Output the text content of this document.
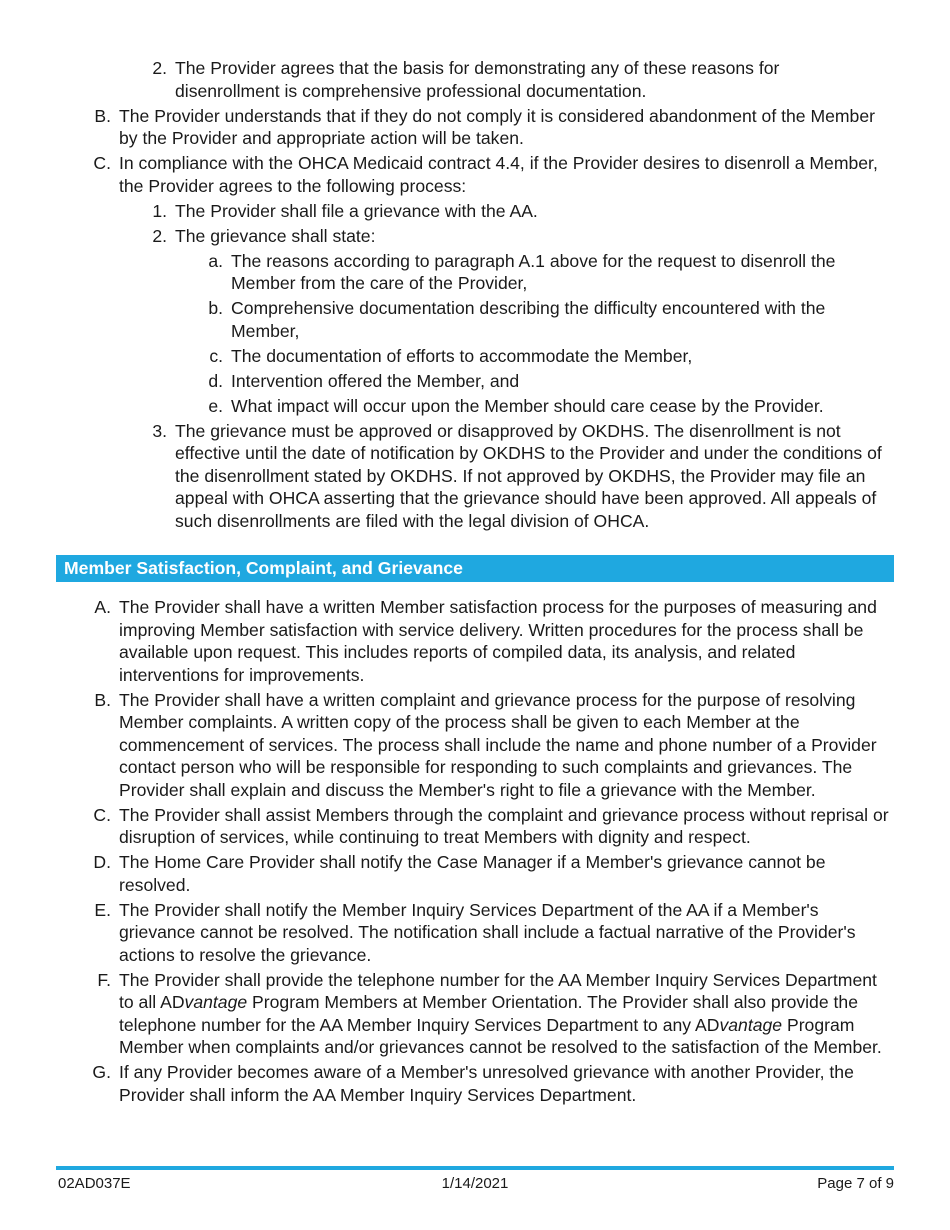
2. The Provider agrees that the basis for demonstrating any of these reasons for disenrollment is comprehensive professional documentation.
B. The Provider understands that if they do not comply it is considered abandonment of the Member by the Provider and appropriate action will be taken.
C. In compliance with the OHCA Medicaid contract 4.4, if the Provider desires to disenroll a Member, the Provider agrees to the following process:
1. The Provider shall file a grievance with the AA.
2. The grievance shall state:
a. The reasons according to paragraph A.1 above for the request to disenroll the Member from the care of the Provider,
b. Comprehensive documentation describing the difficulty encountered with the Member,
c. The documentation of efforts to accommodate the Member,
d. Intervention offered the Member, and
e. What impact will occur upon the Member should care cease by the Provider.
3. The grievance must be approved or disapproved by OKDHS. The disenrollment is not effective until the date of notification by OKDHS to the Provider and under the conditions of the disenrollment stated by OKDHS. If not approved by OKDHS, the Provider may file an appeal with OHCA asserting that the grievance should have been approved. All appeals of such disenrollments are filed with the legal division of OHCA.
Member Satisfaction, Complaint, and Grievance
A. The Provider shall have a written Member satisfaction process for the purposes of measuring and improving Member satisfaction with service delivery. Written procedures for the process shall be available upon request. This includes reports of compiled data, its analysis, and related interventions for improvements.
B. The Provider shall have a written complaint and grievance process for the purpose of resolving Member complaints. A written copy of the process shall be given to each Member at the commencement of services. The process shall include the name and phone number of a Provider contact person who will be responsible for responding to such complaints and grievances. The Provider shall explain and discuss the Member's right to file a grievance with the Member.
C. The Provider shall assist Members through the complaint and grievance process without reprisal or disruption of services, while continuing to treat Members with dignity and respect.
D. The Home Care Provider shall notify the Case Manager if a Member's grievance cannot be resolved.
E. The Provider shall notify the Member Inquiry Services Department of the AA if a Member's grievance cannot be resolved. The notification shall include a factual narrative of the Provider's actions to resolve the grievance.
F. The Provider shall provide the telephone number for the AA Member Inquiry Services Department to all ADvantage Program Members at Member Orientation. The Provider shall also provide the telephone number for the AA Member Inquiry Services Department to any ADvantage Program Member when complaints and/or grievances cannot be resolved to the satisfaction of the Member.
G. If any Provider becomes aware of a Member's unresolved grievance with another Provider, the Provider shall inform the AA Member Inquiry Services Department.
02AD037E	1/14/2021	Page 7 of 9
